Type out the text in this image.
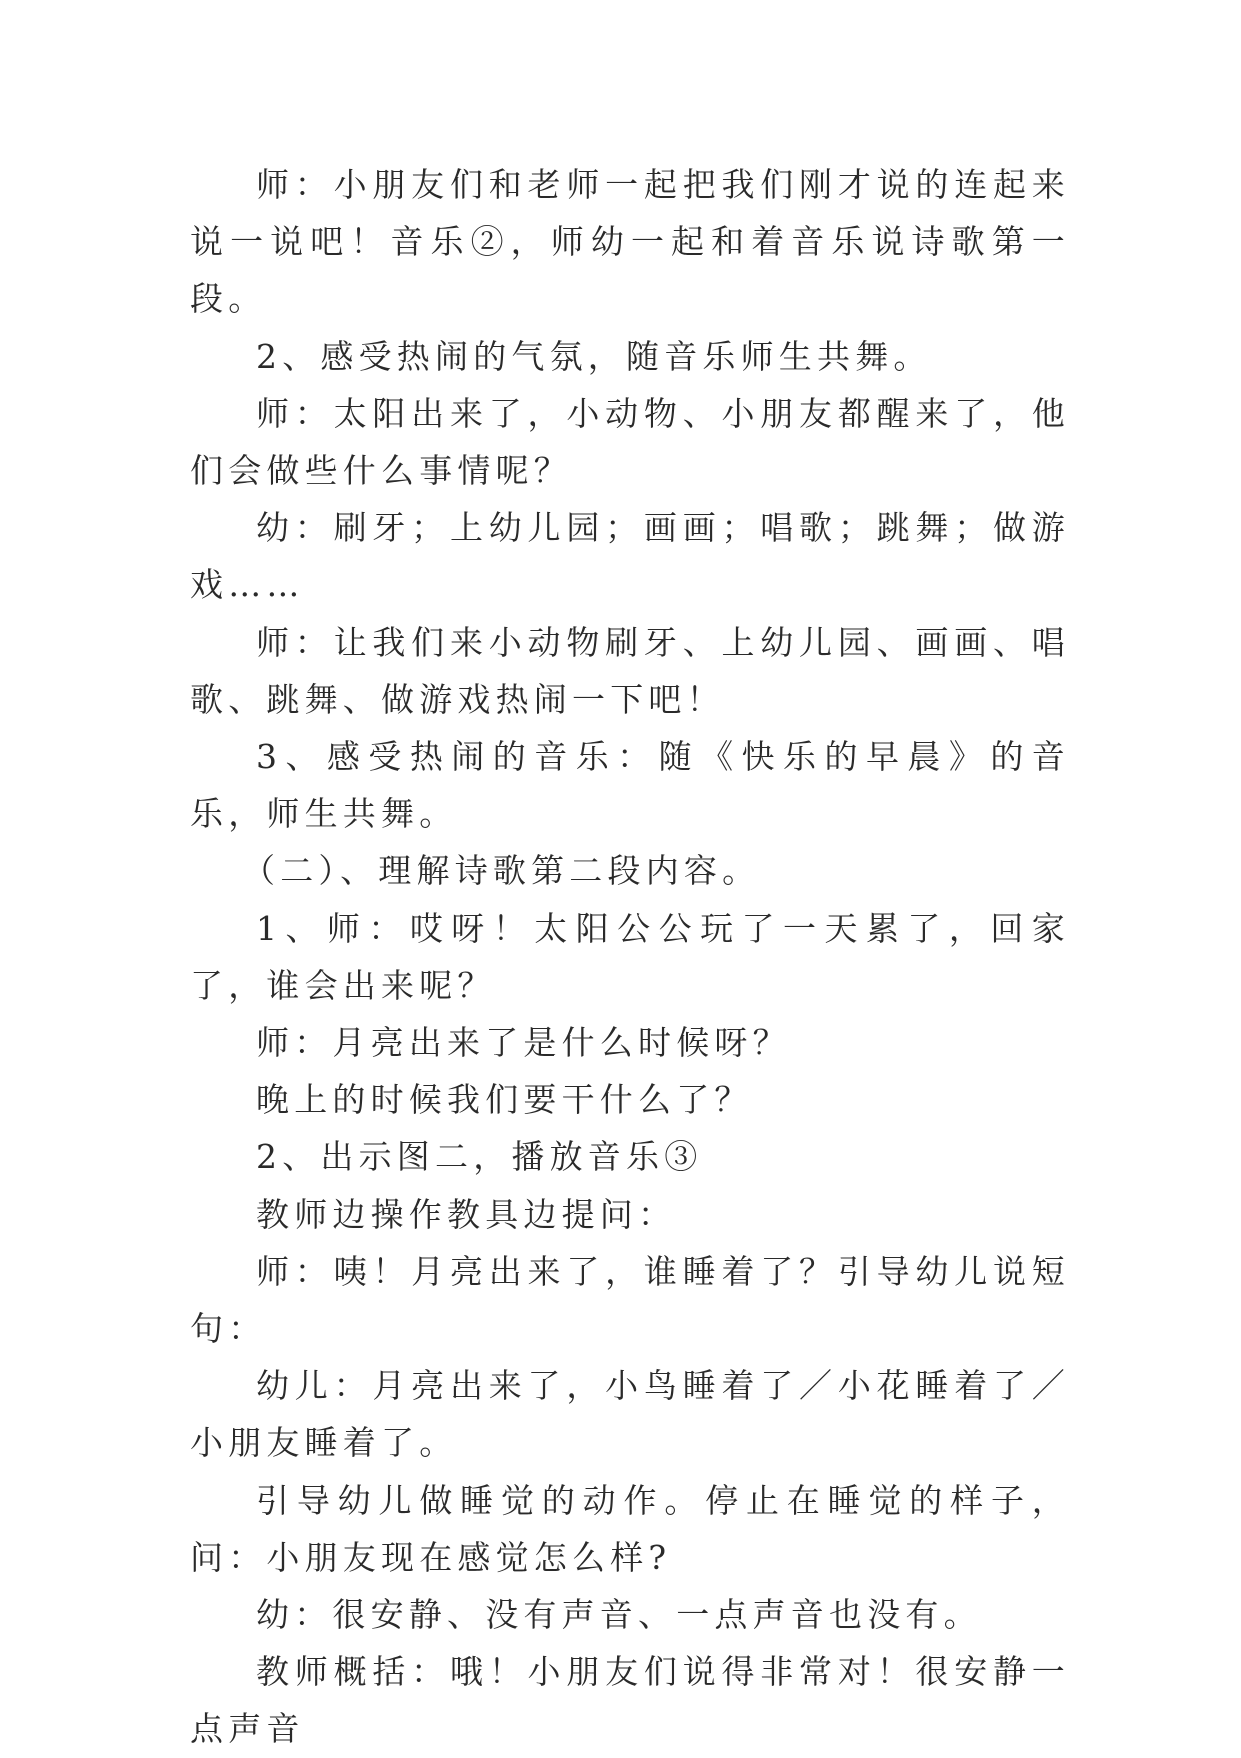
师：小朋友们和老师一起把我们刚才说的连起来说一说吧！音乐②，师幼一起和着音乐说诗歌第一段。

2、感受热闹的气氛，随音乐师生共舞。

师：太阳出来了，小动物、小朋友都醒来了，他们会做些什么事情呢？

幼：刷牙；上幼儿园；画画；唱歌；跳舞；做游戏……

师：让我们来小动物刷牙、上幼儿园、画画、唱歌、跳舞、做游戏热闹一下吧！

3、感受热闹的音乐：随《快乐的早晨》的音乐，师生共舞。

（二）、理解诗歌第二段内容。

1、师：哎呀！太阳公公玩了一天累了，回家了，谁会出来呢？

师：月亮出来了是什么时候呀？

晚上的时候我们要干什么了？

2、出示图二，播放音乐③

教师边操作教具边提问：

师：咦！月亮出来了，谁睡着了？引导幼儿说短句：

幼儿：月亮出来了，小鸟睡着了／小花睡着了／小朋友睡着了。

引导幼儿做睡觉的动作。停止在睡觉的样子，问：小朋友现在感觉怎么样?

幼：很安静、没有声音、一点声音也没有。

教师概括：哦！小朋友们说得非常对！很安静一点声音
